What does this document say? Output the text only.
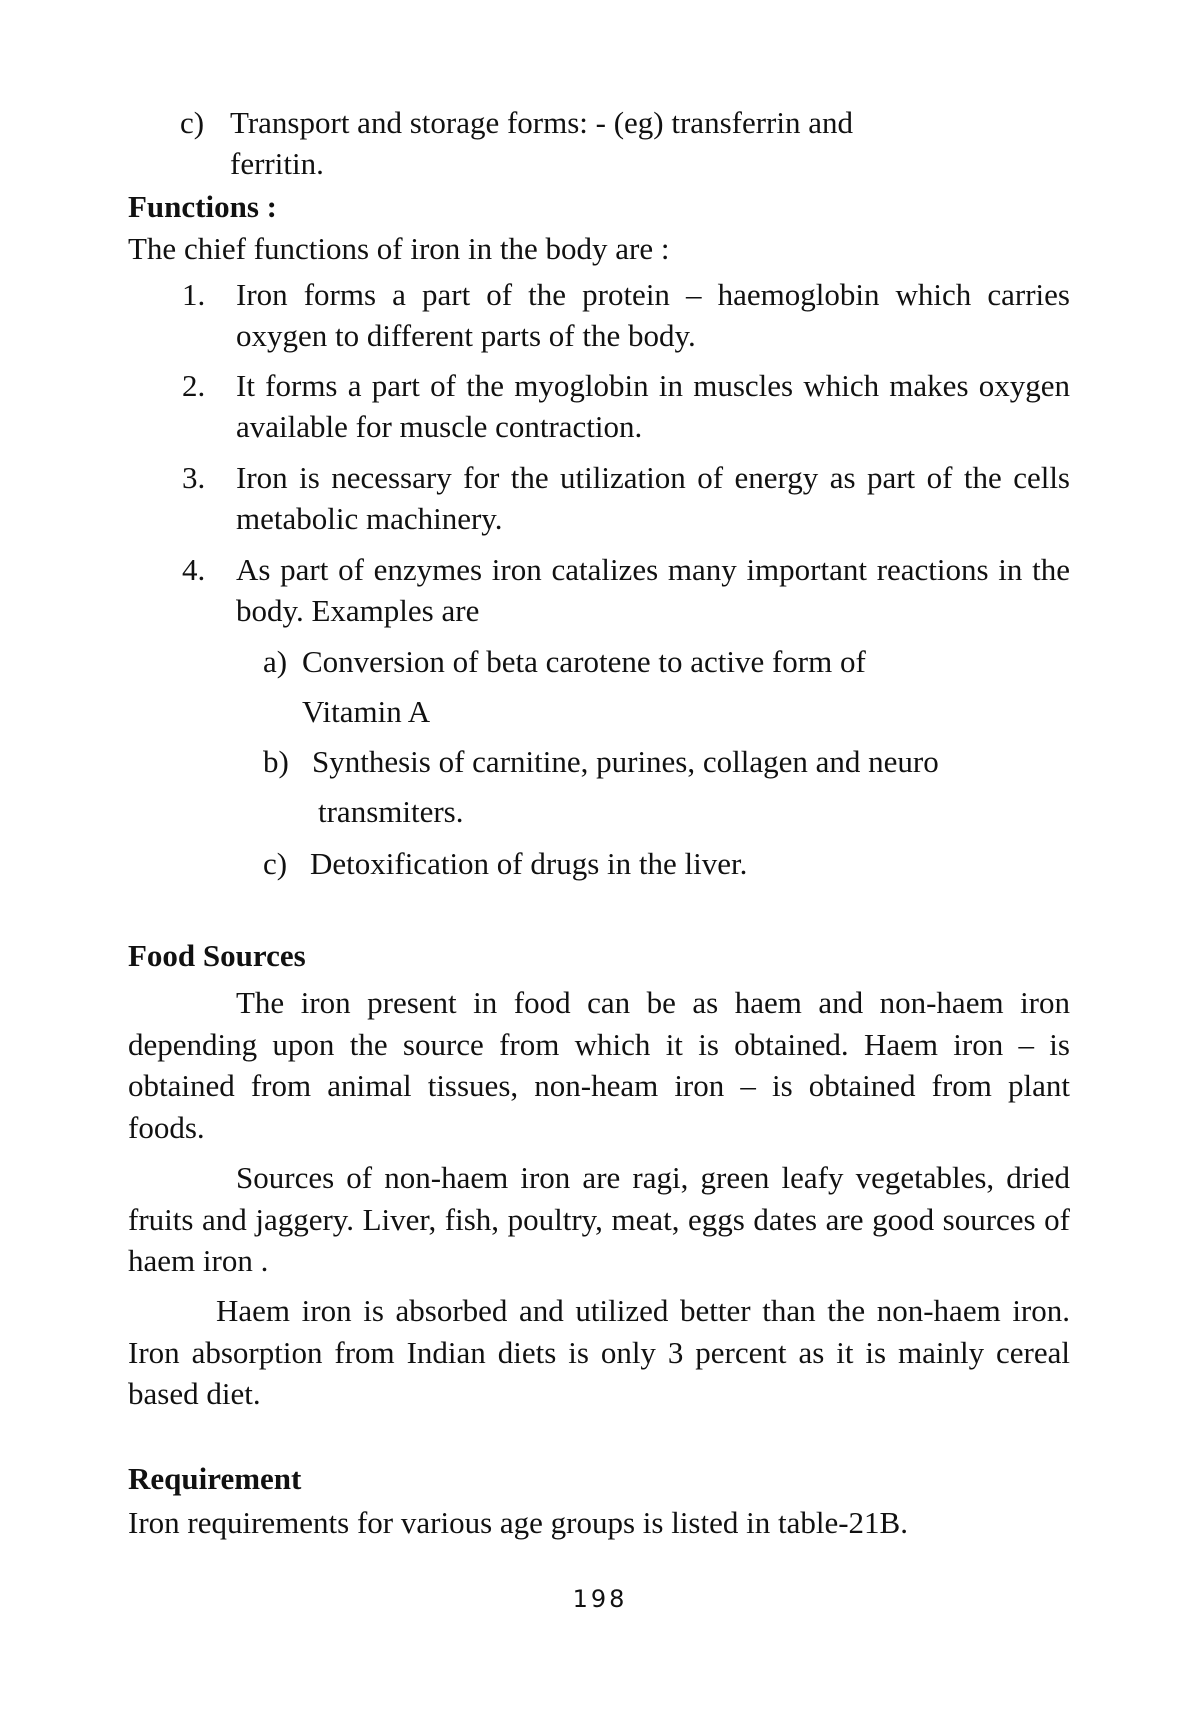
c) Transport and storage forms: - (eg) transferrin and
ferritin.
Functions :
The chief functions of iron in the body are :
1. Iron forms a part of the protein – haemoglobin which carries oxygen to different parts of the body.
2. It forms a part of the myoglobin in muscles which makes oxygen available for muscle contraction.
3. Iron is necessary for the utilization of energy as part of the cells metabolic machinery.
4. As part of enzymes iron catalizes many important reactions in the body. Examples are
a) Conversion of beta carotene to active form of
Vitamin A
b) Synthesis of carnitine, purines, collagen and neuro
transmiters.
c) Detoxification of drugs in the liver.
Food Sources
The iron present in food can be as haem and non-haem iron depending upon the source from which it is obtained. Haem iron – is obtained from animal tissues, non-heam iron – is obtained from plant foods.
Sources of non-haem iron are ragi, green leafy vegetables, dried fruits and jaggery. Liver, fish, poultry, meat, eggs dates are good sources of haem iron .
Haem iron is absorbed and utilized better than the non-haem iron. Iron absorption from Indian diets is only 3 percent as it is mainly cereal based diet.
Requirement
Iron requirements for various age groups is listed in table-21B.
198
